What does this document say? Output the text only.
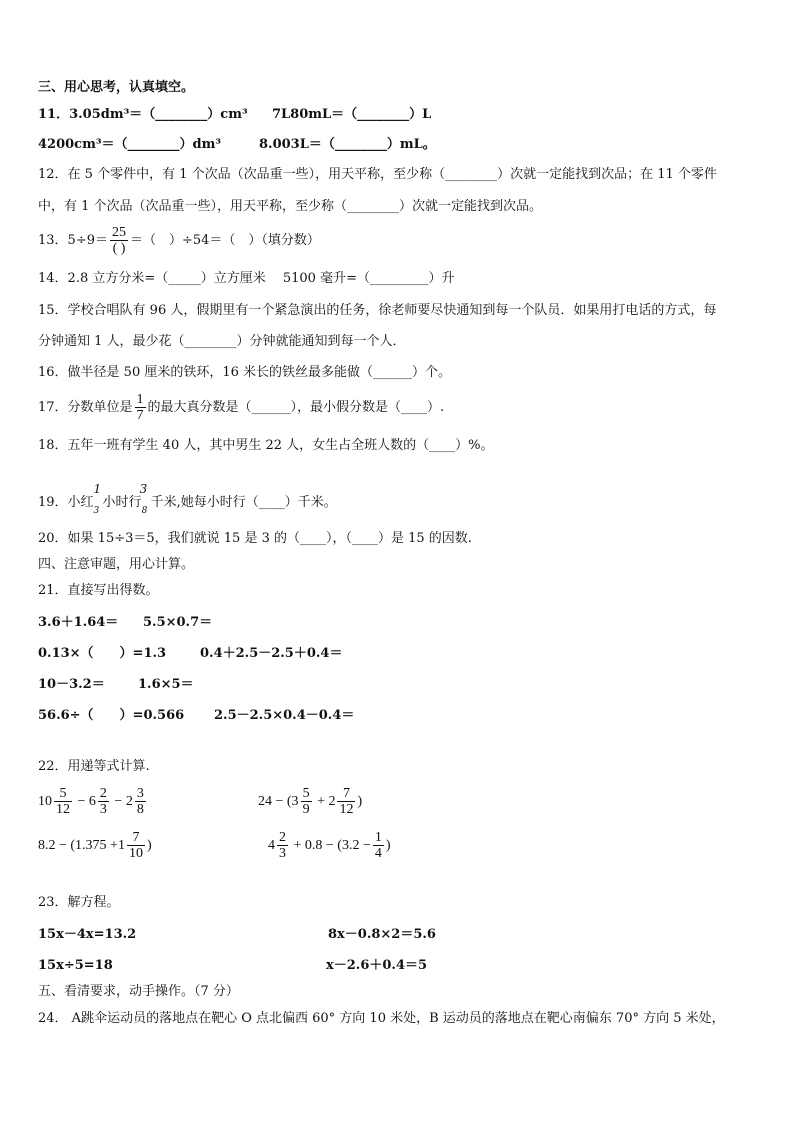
三、用心思考，认真填空。
11．3.05dm³＝（________）cm³ 7L80mL＝（________）L
4200cm³＝（________）dm³	8.003L＝（________）mL。
12．在 5 个零件中，有 1 个次品（次品重一些），用天平称，至少称（________）次就一定能找到次品；在 11 个零件
中，有 1 个次品（次品重一些），用天平称，至少称（________）次就一定能找到次品。
13．$5\div 9= \frac{25}{( )}$ ＝（　）÷54＝（　）（填分数）
14．2.8 立方分米=（_____）立方厘米　 5100 毫升=（_________）升
15．学校合唱队有 96 人，假期里有一个紧急演出的任务，徐老师要尽快通知到每一个队员．如果用打电话的方式，每
分钟通知 1 人，最少花（________）分钟就能通知到每一个人．
16．做半径是 50 厘米的铁环，16 米长的铁丝最多能做（______）个。
17．分数单位是 $\frac{1}{7}$ 的最大真分数是（______），最小假分数是（____）.
18．五年一班有学生 40 人，其中男生 22 人，女生占全班人数的（____）%。
19．小红
1
3
小时行
3
8
千米,她每小时行（____）千米。
20．如果 15÷3＝5，我们就说 15 是 3 的（____），（____）是 15 的因数.
四、注意审题，用心计算。
21．直接写出得数。
3.6＋1.64＝ 5.5×0.7＝
0.13×（　　）=1.3	0.4＋2.5－2.5＋0.4＝
10－3.2＝	1.6×5＝
56.6÷（　　）=0.566 2.5－2.5×0.4－0.4＝
22．用递等式计算.
$10 \frac{5}{12} - 6 \frac{2}{3} - 2 \frac{3}{8}$	$24 - (3 \frac{5}{9} + 2 \frac{7}{12}$ )
$8.2 - (1.375 +1 \frac{7}{10}$ )	$4 \frac{2}{3} + 0.8 - (3.2 - \frac{1}{4}$ )
23．解方程。
15x－4x=13.2	8x－0.8×2＝5.6
15x÷5=18	x－2.6＋0.4＝5
五、看清要求，动手操作。（7 分）
24． A跳伞运动员的落地点在靶心 O 点北偏西 60° 方向 10 米处，B 运动员的落地点在靶心南偏东 70° 方向 5 米处，
